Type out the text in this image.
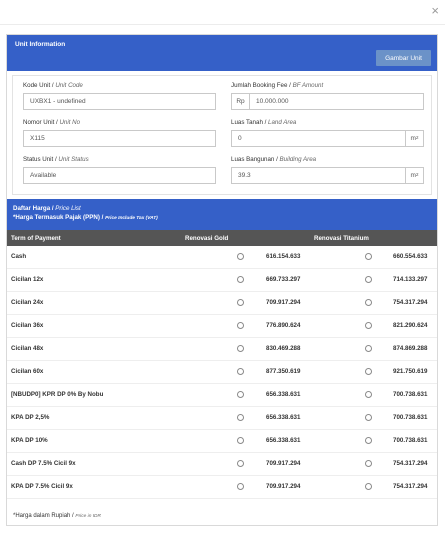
×
Unit Information
Gambar Unit
Kode Unit / Unit Code
UXBX1 - undefined
Jumlah Booking Fee / BF Amount
Rp	10.000.000
Nomor Unit / Unit No
X115
Luas Tanah / Land Area
0	$m^2$
Status Unit / Unit Status
Available
Luas Bangunan / Building Area
39.3	$m^2$
Daftar Harga / Price List
*Harga Termasuk Pajak (PPN) / Price Include Tax (VAT)
Term of Payment	Renovasi Gold	Renovasi Titanium
Cash	616.154.633	660.554.633
Cicilan 12x	669.733.297	714.133.297
Cicilan 24x	709.917.294	754.317.294
Cicilan 36x	776.890.624	821.290.624
Cicilan 48x	830.469.288	874.869.288
Cicilan 60x	877.350.619	921.750.619
[NBUDP0] KPR DP 0% By Nobu	656.338.631	700.738.631
KPA DP 2,5%	656.338.631	700.738.631
KPA DP 10%	656.338.631	700.738.631
Cash DP 7.5% Cicil 9x	709.917.294	754.317.294
KPA DP 7.5% Cicil 9x	709.917.294	754.317.294
*Harga dalam Rupiah / Price in IDR
